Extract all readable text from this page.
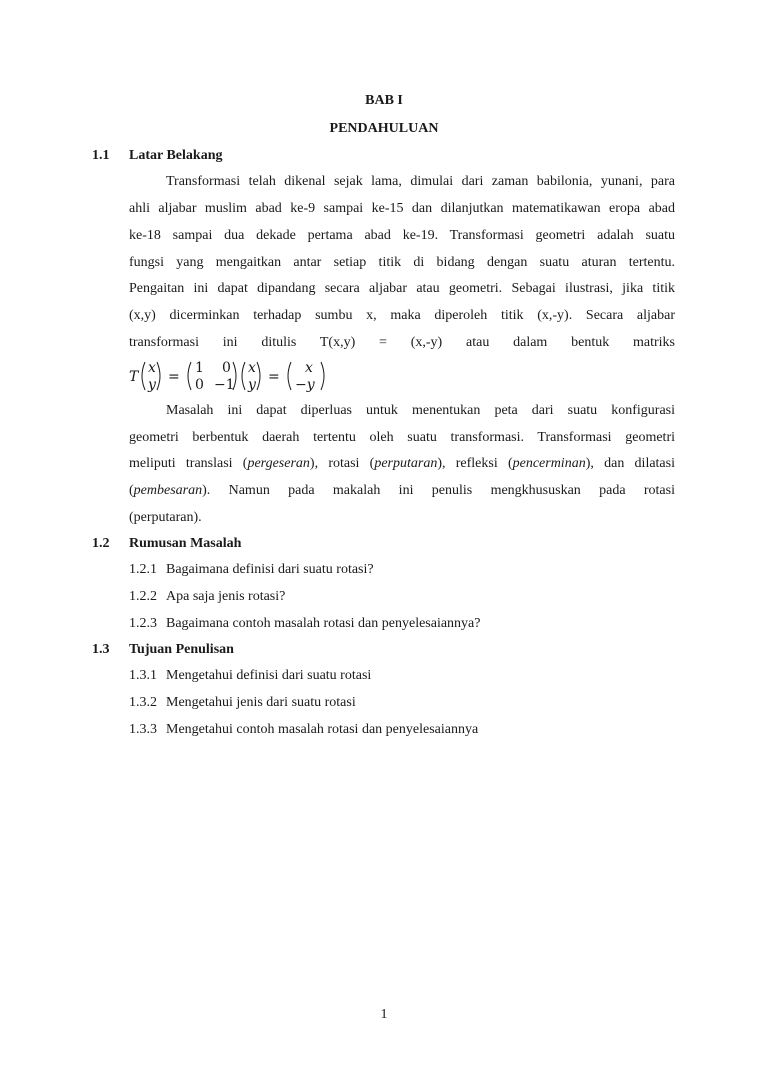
BAB I
PENDAHULUAN
1.1 Latar Belakang
Transformasi telah dikenal sejak lama, dimulai dari zaman babilonia, yunani, para
ahli aljabar muslim abad ke-9 sampai ke-15 dan dilanjutkan matematikawan eropa abad
ke-18 sampai dua dekade pertama abad ke-19. Transformasi geometri adalah suatu
fungsi yang mengaitkan antar setiap titik di bidang dengan suatu aturan tertentu.
Pengaitan ini dapat dipandang secara aljabar atau geometri. Sebagai ilustrasi, jika titik
(x,y) dicerminkan terhadap sumbu x, maka diperoleh titik (x,-y). Secara aljabar
transformasi ini ditulis T(x,y) = (x,-y) atau dalam bentuk matriks
T
x
y =
1 0
0 −1
x
y =
x
−y
Masalah ini dapat diperluas untuk menentukan peta dari suatu konfigurasi
geometri berbentuk daerah tertentu oleh suatu transformasi. Transformasi geometri
meliputi translasi (pergeseran), rotasi (perputaran), refleksi (pencerminan), dan dilatasi
(pembesaran). Namun pada makalah ini penulis mengkhususkan pada rotasi
(perputaran).
1.2 Rumusan Masalah
1.2.1 Bagaimana definisi dari suatu rotasi?
1.2.2 Apa saja jenis rotasi?
1.2.3 Bagaimana contoh masalah rotasi dan penyelesaiannya?
1.3 Tujuan Penulisan
1.3.1 Mengetahui definisi dari suatu rotasi
1.3.2 Mengetahui jenis dari suatu rotasi
1.3.3 Mengetahui contoh masalah rotasi dan penyelesaiannya
1
